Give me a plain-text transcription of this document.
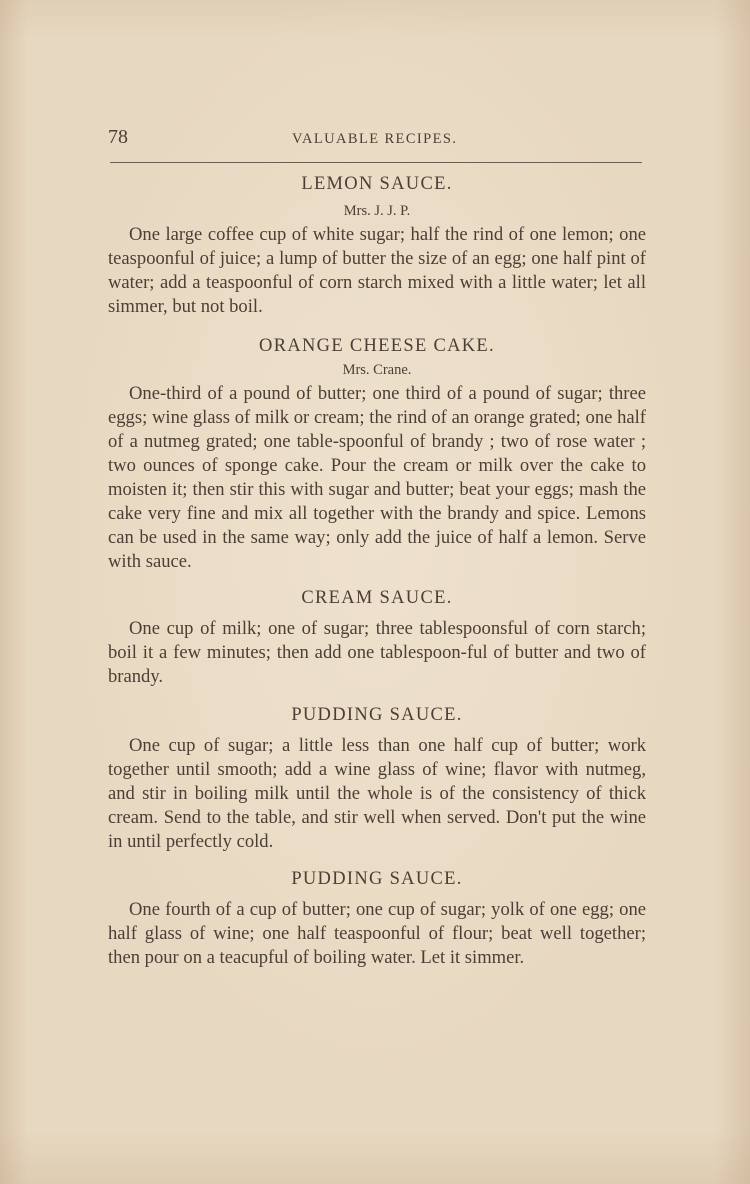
78	VALUABLE RECIPES.
LEMON SAUCE.

Mrs. J. J. P.

One large coffee cup of white sugar; half the rind of one lemon; one teaspoonful of juice; a lump of butter the size of an egg; one half pint of water; add a teaspoonful of corn starch mixed with a little water; let all simmer, but not boil.

ORANGE CHEESE CAKE.

Mrs. Crane.

One-third of a pound of butter; one third of a pound of sugar; three eggs; wine glass of milk or cream; the rind of an orange grated; one half of a nutmeg grated; one table-spoonful of brandy ; two of rose water ; two ounces of sponge cake. Pour the cream or milk over the cake to moisten it; then stir this with sugar and butter; beat your eggs; mash the cake very fine and mix all together with the brandy and spice. Lemons can be used in the same way; only add the juice of half a lemon. Serve with sauce.

CREAM SAUCE.

One cup of milk; one of sugar; three tablespoonsful of corn starch; boil it a few minutes; then add one tablespoon-ful of butter and two of brandy.

PUDDING SAUCE.

One cup of sugar; a little less than one half cup of butter; work together until smooth; add a wine glass of wine; flavor with nutmeg, and stir in boiling milk until the whole is of the consistency of thick cream. Send to the table, and stir well when served. Don't put the wine in until perfectly cold.

PUDDING SAUCE.

One fourth of a cup of butter; one cup of sugar; yolk of one egg; one half glass of wine; one half teaspoonful of flour; beat well together; then pour on a teacupful of boiling water. Let it simmer.
